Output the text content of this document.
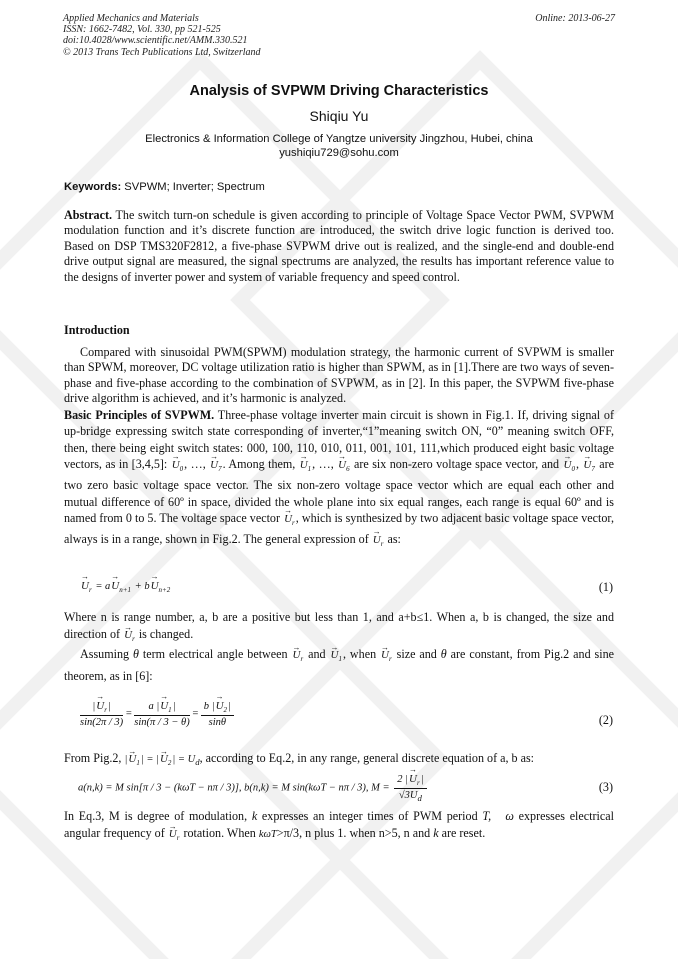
Applied Mechanics and Materials
ISSN: 1662-7482, Vol. 330, pp 521-525
doi:10.4028/www.scientific.net/AMM.330.521
© 2013 Trans Tech Publications Ltd, Switzerland
Online: 2013-06-27
Analysis of SVPWM Driving Characteristics
Shiqiu Yu
Electronics & Information College of Yangtze university Jingzhou, Hubei, china
yushiqiu729@sohu.com
Keywords: SVPWM; Inverter; Spectrum
Abstract. The switch turn-on schedule is given according to principle of Voltage Space Vector PWM, SVPWM modulation function and it’s discrete function are introduced, the switch drive logic function is derived too. Based on DSP TMS320F2812, a five-phase SVPWM drive out is realized, and the single-end and double-end drive output signal are measured, the signal spectrums are analyzed, the results has important reference value to the designs of inverter power and system of variable frequency and speed control.
Introduction
Compared with sinusoidal PWM(SPWM) modulation strategy, the harmonic current of SVPWM is smaller than SPWM, moreover, DC voltage utilization ratio is higher than SPWM, as in [1].There are two ways of seven-phase and five-phase according to the combination of SVPWM, as in [2]. In this paper, the SVPWM five-phase drive algorithm is achieved, and it’s harmonic is analyzed.
Basic Principles of SVPWM. Three-phase voltage inverter main circuit is shown in Fig.1. If, driving signal of up-bridge expressing switch state corresponding of inverter,“1”meaning switch ON, “0” meaning switch OFF, then, there being eight switch states: 000, 100, 110, 010, 011, 001, 101, 111,which produced eight basic voltage vectors, as in [3,4,5]: → $U_0$, …, → $U_7$. Among them, → $U_1$, …, → $U_6$ are six non-zero voltage space vector, and → $U_0$, → $U_7$ are two zero basic voltage space vector. The six non-zero voltage space vector which are equal each other and mutual difference of 60º in space, divided the whole plane into six equal ranges, each range is equal 60º and is named from 0 to 5. The voltage space vector → $U_r$, which is synthesized by two adjacent basic voltage space vector, always is in a range, shown in Fig.2. The general expression of → $U_r$ as:
→ $U_r = a\to U_{n+1} + b\to U_{n+2}$	(1)
Where n is range number, a, b are a positive but less than 1, and a+b≤1. When a, b is changed, the size and direction of → $U_r$ is changed.
Assuming θ term electrical angle between → $U_r$ and → $U_1$, when → $U_r$ size and θ are constant, from Pig.2 and sine theorem, as in [6]:
$\frac{|\to U_r|}{\sin(2\pi / 3)} = \frac{a |\to U_1|}{\sin(\pi / 3 - \theta)} = \frac{b |\to U_2|}{\sin\theta}$	(2)
From Pig.2, |→ $U_1|$ = |→ $U_2| = U_d$, according to Eq.2, in any range, general discrete equation of a, b as:
a(n,k) = M sin[π / 3 − (kωT − nπ / 3)], b(n,k) = M sin(kωT − nπ / 3), $M = \frac{2 |\to U_r|}{√3U_d}$	(3)
In Eq.3, M is degree of modulation, k expresses an integer times of PWM period T, ω expresses electrical angular frequency of → $U_r$ rotation. When kωT>π/3, n plus 1. when n>5, n and k are reset.
